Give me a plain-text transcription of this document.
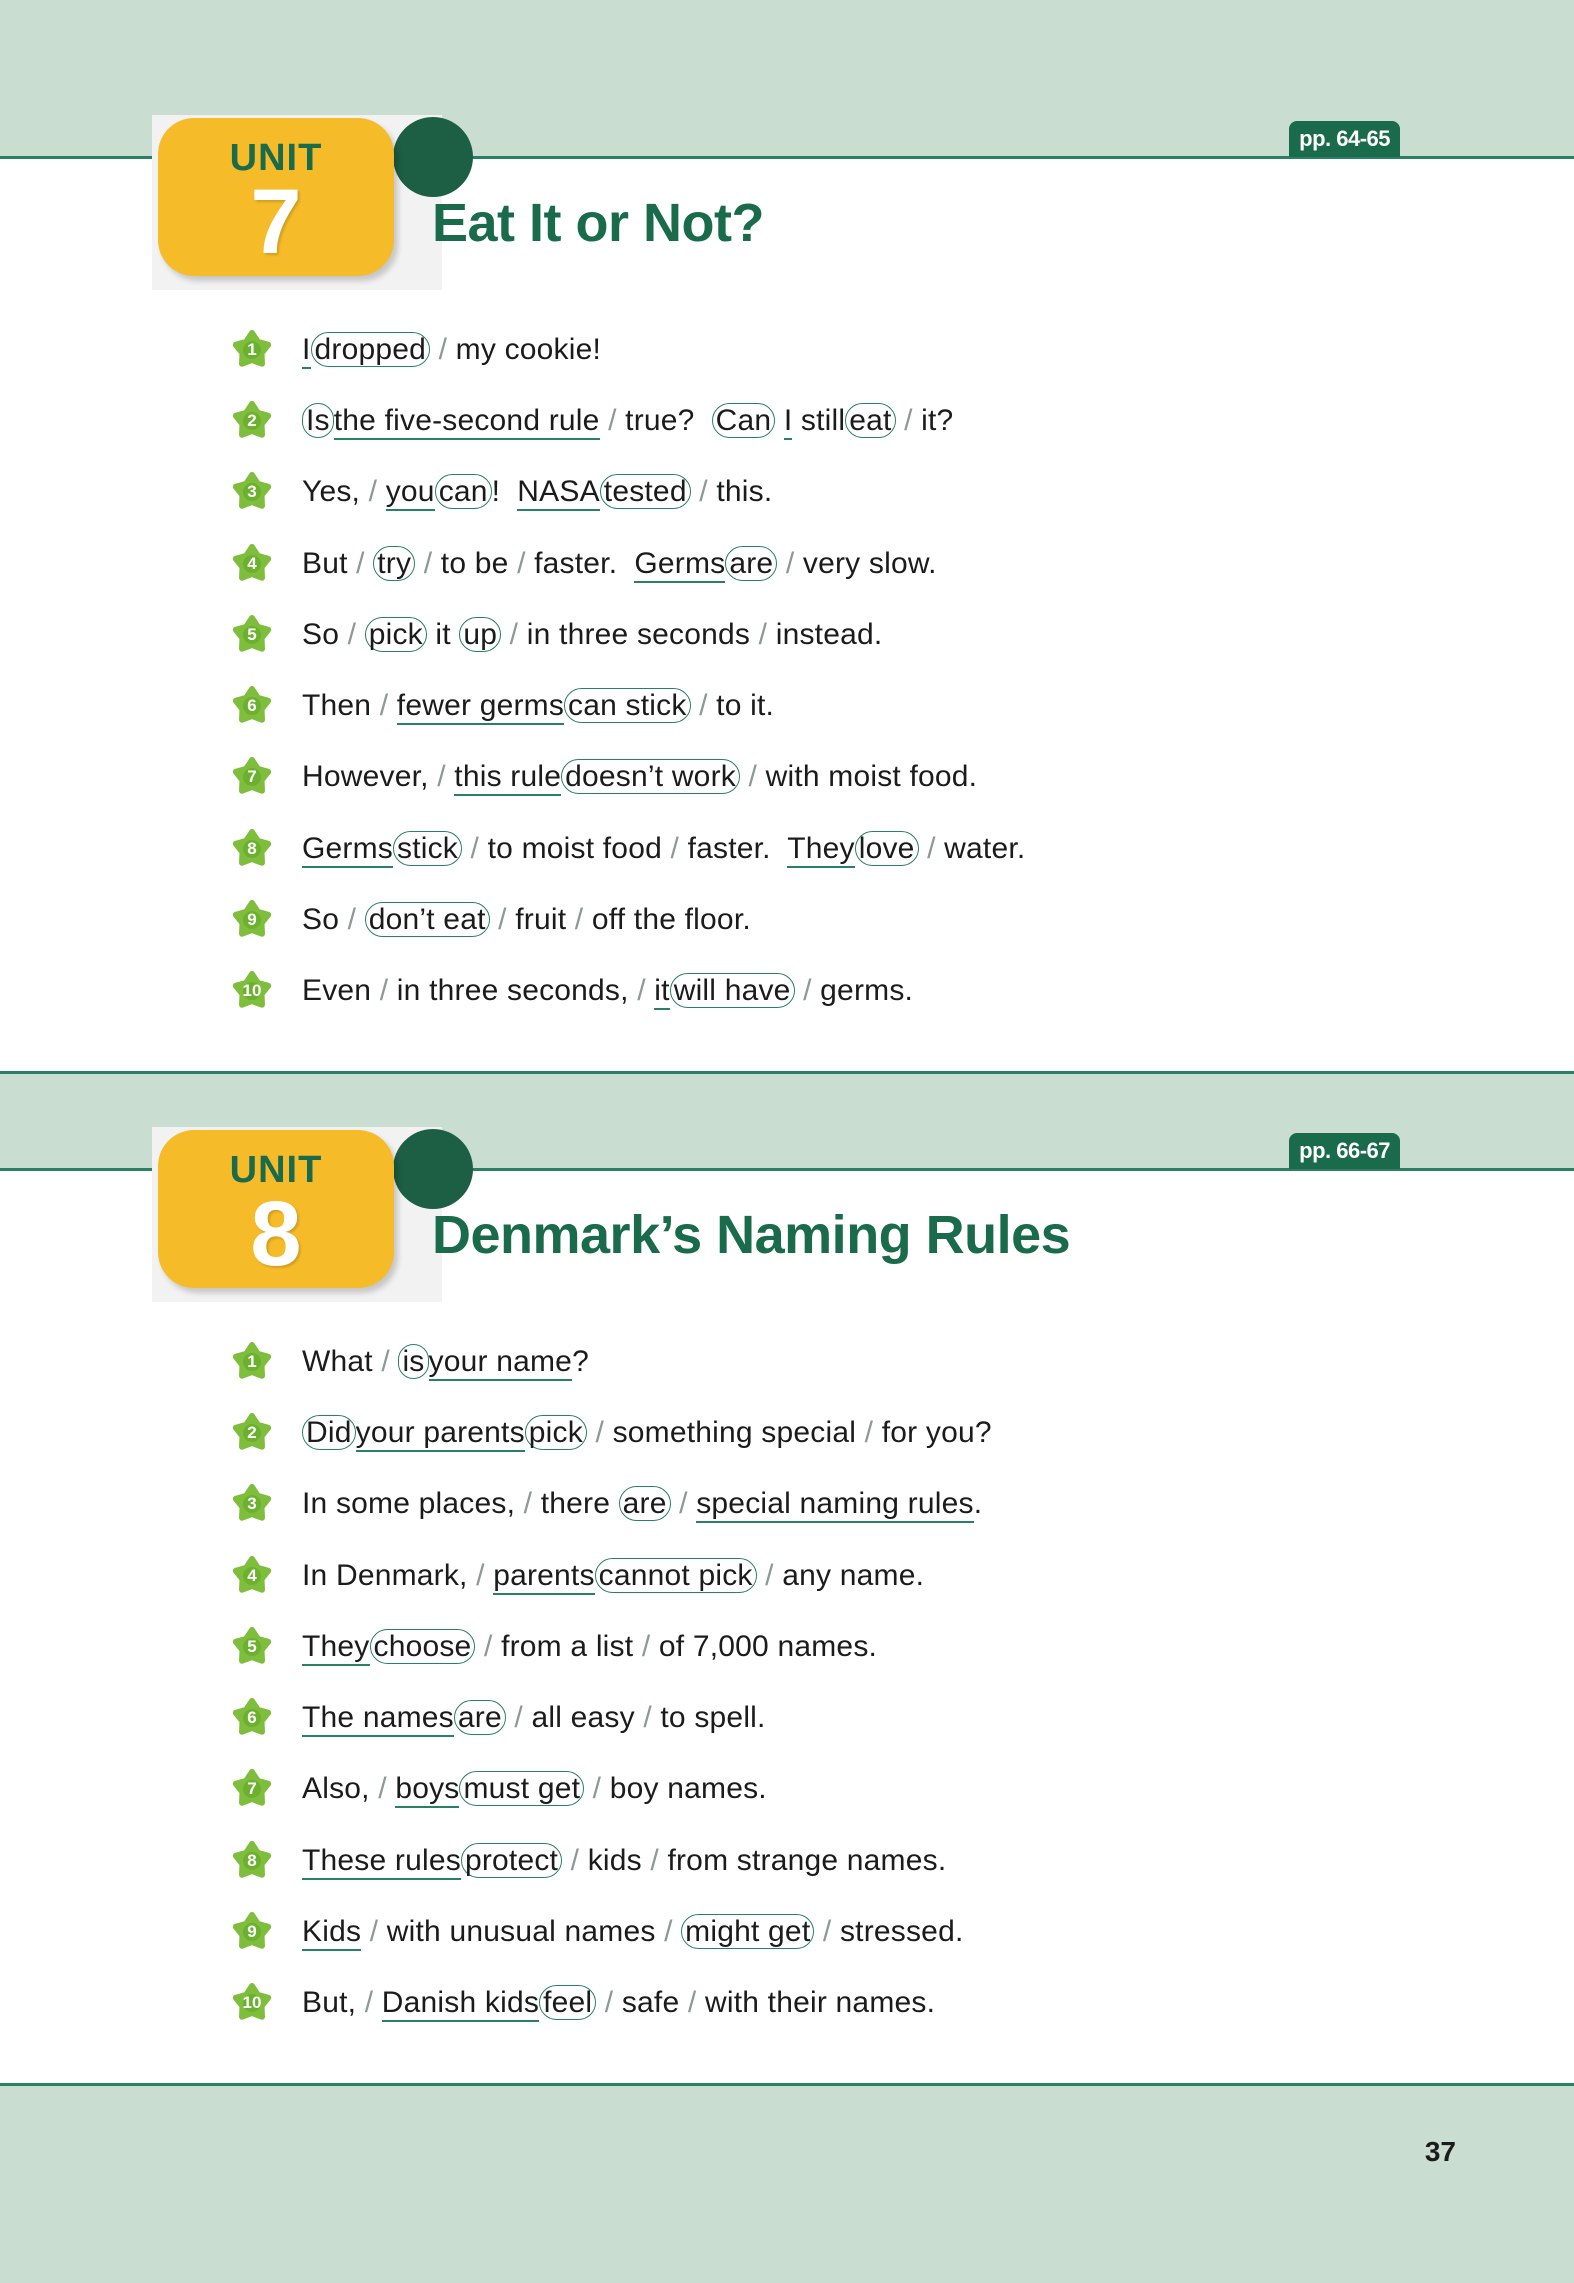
UNIT
7
pp. 64-65
Eat It or Not?
1	I dropped / my cookie!
2	Is the five-second rule / true?  Can I still eat / it?
3	Yes, / you can !  NASA tested / this.
4	But / try / to be / faster.  Germs are / very slow.
5	So / pick it up / in three seconds / instead.
6	Then / fewer germs can stick / to it.
7	However, / this rule doesn’t work / with moist food.
8	Germs stick / to moist food / faster.  They love / water.
9	So / don’t eat / fruit / off the floor.
10	Even / in three seconds, / it will have / germs.
UNIT
8
pp. 66-67
Denmark’s Naming Rules
1	What / is your name?
2	Did your parents pick / something special / for you?
3	In some places, / there are / special naming rules.
4	In Denmark, / parents cannot pick / any name.
5	They choose / from a list / of 7,000 names.
6	The names are / all easy / to spell.
7	Also, / boys must get / boy names.
8	These rules protect / kids / from strange names.
9	Kids / with unusual names / might get / stressed.
10	But, / Danish kids feel / safe / with their names.
37
